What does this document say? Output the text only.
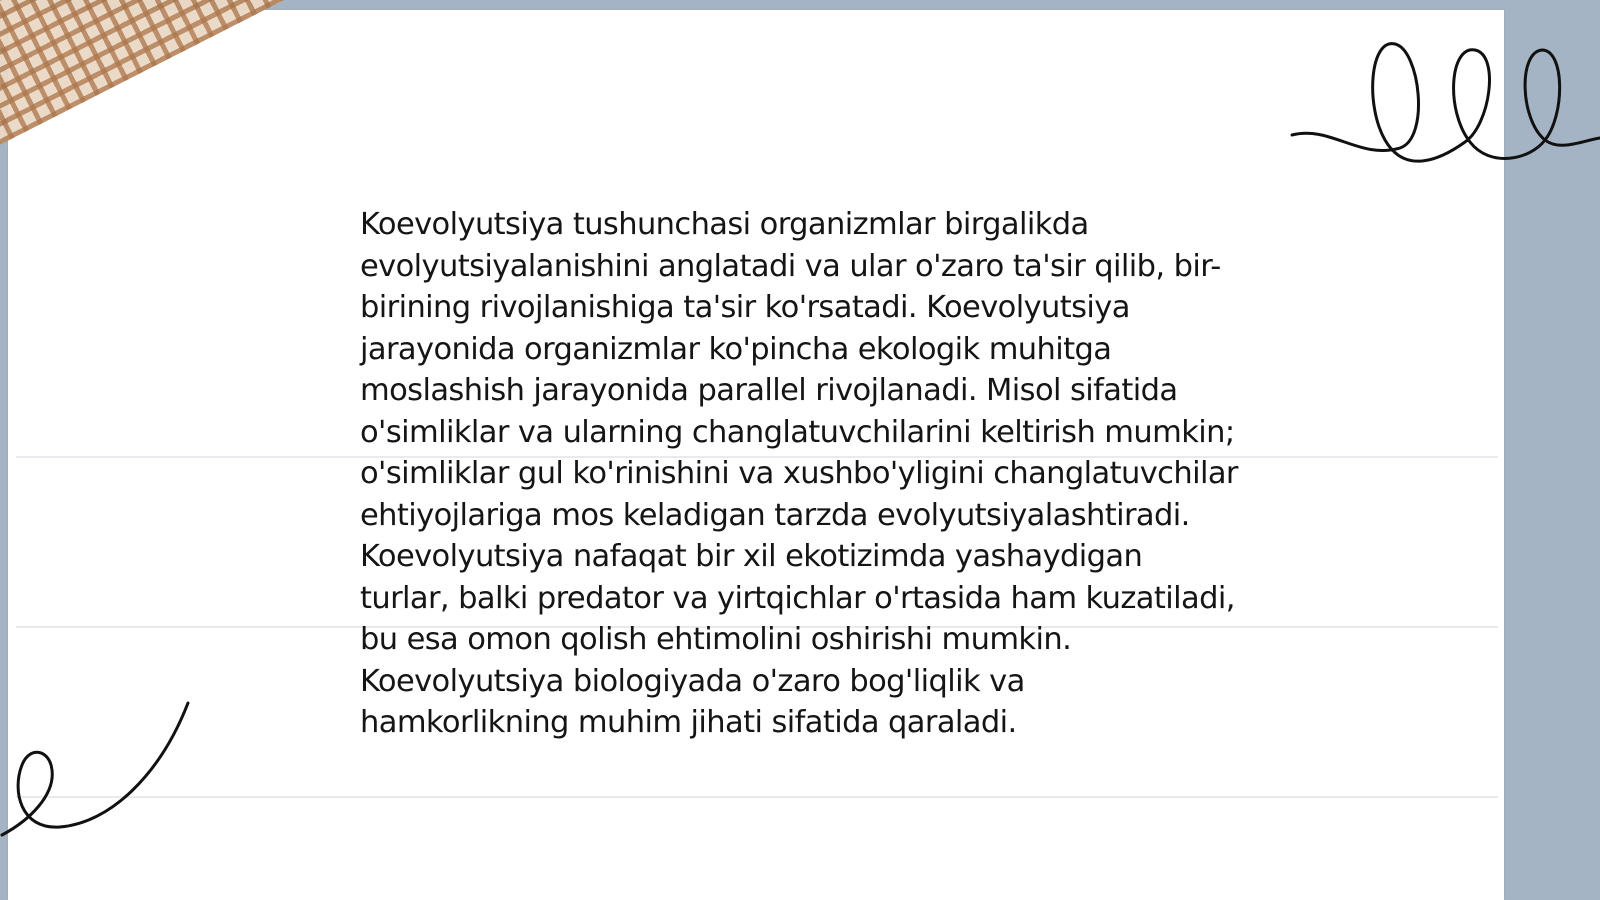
Koevolyutsiya tushunchasi organizmlar birgalikda evolyutsiyalanishini anglatadi va ular o'zaro ta'sir qilib, bir-birining rivojlanishiga ta'sir ko'rsatadi. Koevolyutsiya jarayonida organizmlar ko'pincha ekologik muhitga moslashish jarayonida parallel rivojlanadi. Misol sifatida o'simliklar va ularning changlatuvchilarini keltirish mumkin; o'simliklar gul ko'rinishini va xushbo'yligini changlatuvchilar ehtiyojlariga mos keladigan tarzda evolyutsiyalashtiradi. Koevolyutsiya nafaqat bir xil ekotizimda yashaydigan turlar, balki predator va yirtqichlar o'rtasida ham kuzatiladi, bu esa omon qolish ehtimolini oshirishi mumkin. Koevolyutsiya biologiyada o'zaro bog'liqlik va hamkorlikning muhim jihati sifatida qaraladi.
